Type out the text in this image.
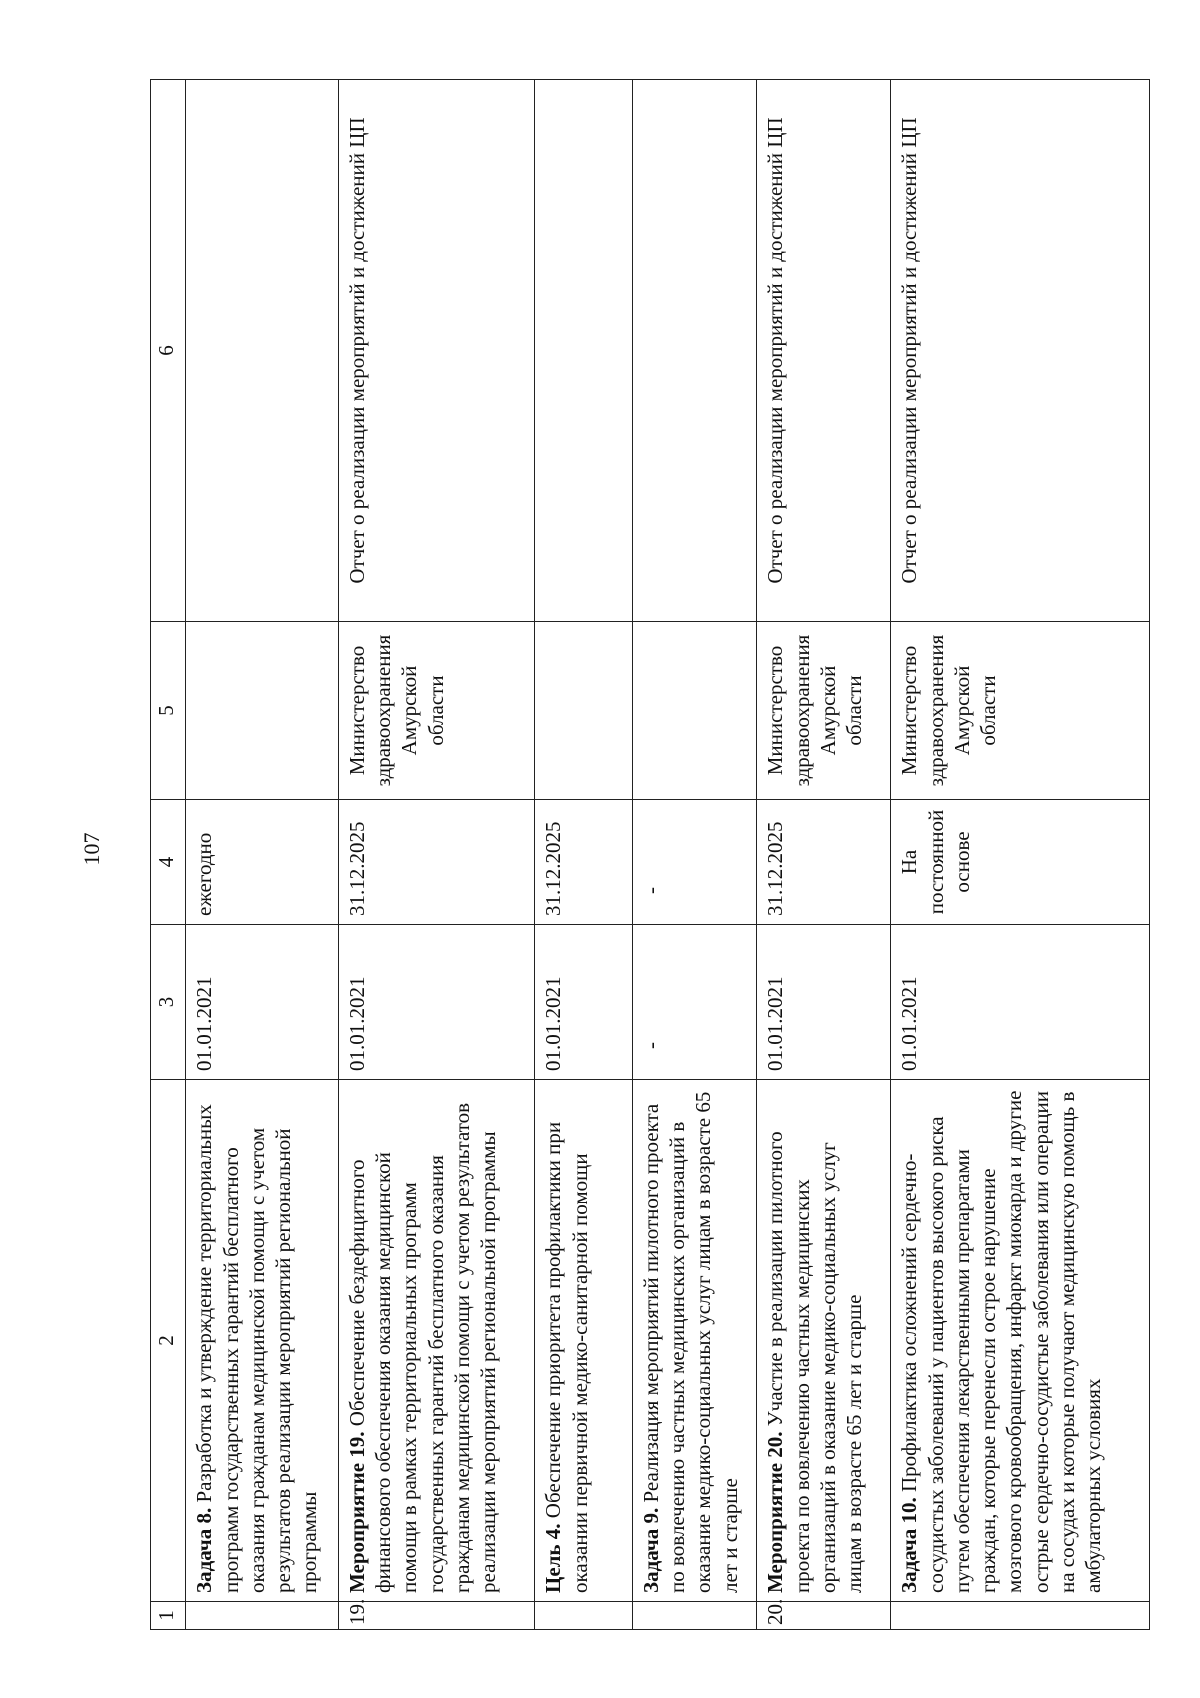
107
1	2	3	4	5	6
	Задача 8. Разработка и утверждение территориальных программ государственных гарантий бесплатного оказания гражданам медицинской помощи с учетом результатов реализации мероприятий региональной программы	01.01.2021	ежегодно		
19.	Мероприятие 19. Обеспечение бездефицитного финансового обеспечения оказания медицинской помощи в рамках территориальных программ государственных гарантий бесплатного оказания гражданам медицинской помощи с учетом результатов реализации мероприятий региональной программы	01.01.2021	31.12.2025	Министерство здравоохранения Амурской области	Отчет о реализации мероприятий и достижений ЦП
	Цель 4. Обеспечение приоритета профилактики при оказании первичной медико-санитарной помощи	01.01.2021	31.12.2025		
	Задача 9. Реализация мероприятий пилотного проекта по вовлечению частных медицинских организаций в оказание медико-социальных услуг лицам в возрасте 65 лет и старше	-	-		
20.	Мероприятие 20. Участие в реализации пилотного проекта по вовлечению частных медицинских организаций в оказание медико-социальных услуг лицам в возрасте 65 лет и старше	01.01.2021	31.12.2025	Министерство здравоохранения Амурской области	Отчет о реализации мероприятий и достижений ЦП
	Задача 10. Профилактика осложнений сердечно-сосудистых заболеваний у пациентов высокого риска путем обеспечения лекарственными препаратами граждан, которые перенесли острое нарушение мозгового кровообращения, инфаркт миокарда и другие острые сердечно-сосудистые заболевания или операции на сосудах и которые получают медицинскую помощь в амбулаторных условиях	01.01.2021	На постоянной основе	Министерство здравоохранения Амурской области	Отчет о реализации мероприятий и достижений ЦП
